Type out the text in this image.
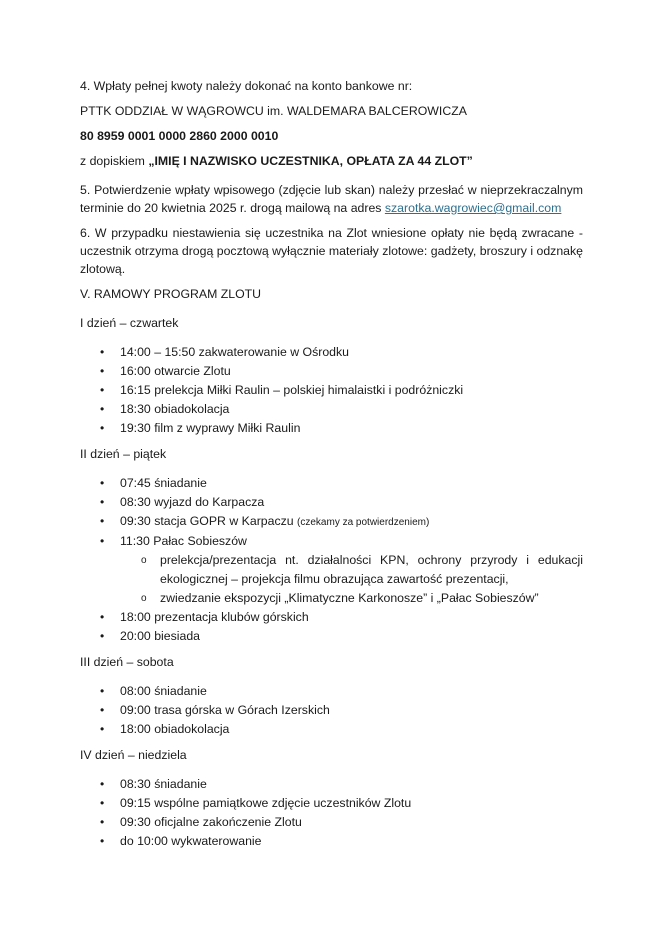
4. Wpłaty pełnej kwoty należy dokonać na konto bankowe nr:

PTTK ODDZIAŁ W WĄGROWCU im. WALDEMARA BALCEROWICZA

80 8959 0001 0000 2860 2000 0010

z dopiskiem „IMIĘ I NAZWISKO UCZESTNIKA, OPŁATA ZA 44 ZLOT”

5. Potwierdzenie wpłaty wpisowego (zdjęcie lub skan) należy przesłać w nieprzekraczalnym terminie do 20 kwietnia 2025 r. drogą mailową na adres szarotka.wagrowiec@gmail.com

6. W przypadku niestawienia się uczestnika na Zlot wniesione opłaty nie będą zwracane - uczestnik otrzyma drogą pocztową wyłącznie materiały zlotowe: gadżety, broszury i odznakę zlotową.

V. RAMOWY PROGRAM ZLOTU

I dzień – czwartek

• 14:00 – 15:50 zakwaterowanie w Ośrodku
• 16:00 otwarcie Zlotu
• 16:15 prelekcja Miłki Raulin – polskiej himalaistki i podróżniczki
• 18:30 obiadokolacja
• 19:30 film z wyprawy Miłki Raulin

II dzień – piątek

• 07:45 śniadanie
• 08:30 wyjazd do Karpacza
• 09:30 stacja GOPR w Karpaczu (czekamy za potwierdzeniem)
• 11:30 Pałac Sobieszów
o prelekcja/prezentacja nt. działalności KPN, ochrony przyrody i edukacji ekologicznej – projekcja filmu obrazująca zawartość prezentacji,
o zwiedzanie ekspozycji „Klimatyczne Karkonosze” i „Pałac Sobieszów”
• 18:00 prezentacja klubów górskich
• 20:00 biesiada

III dzień – sobota

• 08:00 śniadanie
• 09:00 trasa górska w Górach Izerskich
• 18:00 obiadokolacja

IV dzień – niedziela

• 08:30 śniadanie
• 09:15 wspólne pamiątkowe zdjęcie uczestników Zlotu
• 09:30 oficjalne zakończenie Zlotu
• do 10:00 wykwaterowanie
